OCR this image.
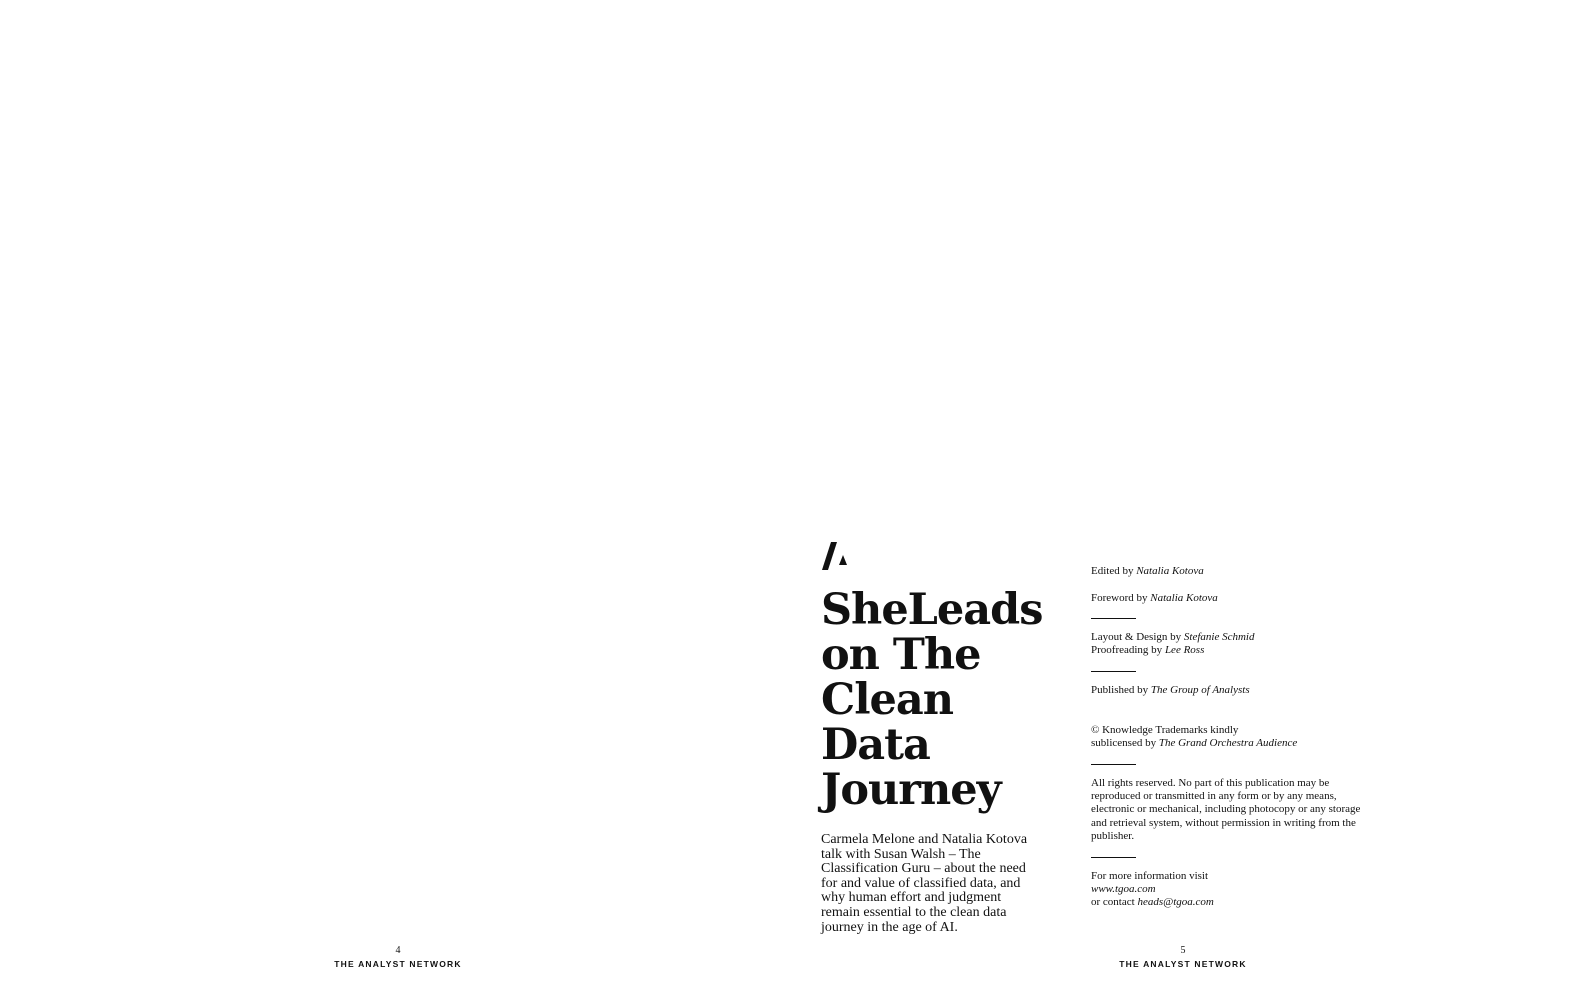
4
THE ANALYST NETWORK
SheLeads
on The
Clean Data
Journey

Carmela Melone and Natalia Kotova talk with Susan Walsh – The Classification Guru – about the need for and value of classified data, and why human effort and judgment remain essential to the clean data journey in the age of AI.

Edited by Natalia Kotova

Foreword by Natalia Kotova

Layout & Design by Stefanie Schmid

Proofreading by Lee Ross

Published by The Group of Analysts

© Knowledge Trademarks kindly
sublicensed by The Grand Orchestra Audience

All rights reserved. No part of this publication may be reproduced or transmitted in any form or by any means, electronic or mechanical, including photocopy or any storage and retrieval system, without permission in writing from the publisher.

For more information visit
www.tgoa.com
or contact heads@tgoa.com

5
THE ANALYST NETWORK
